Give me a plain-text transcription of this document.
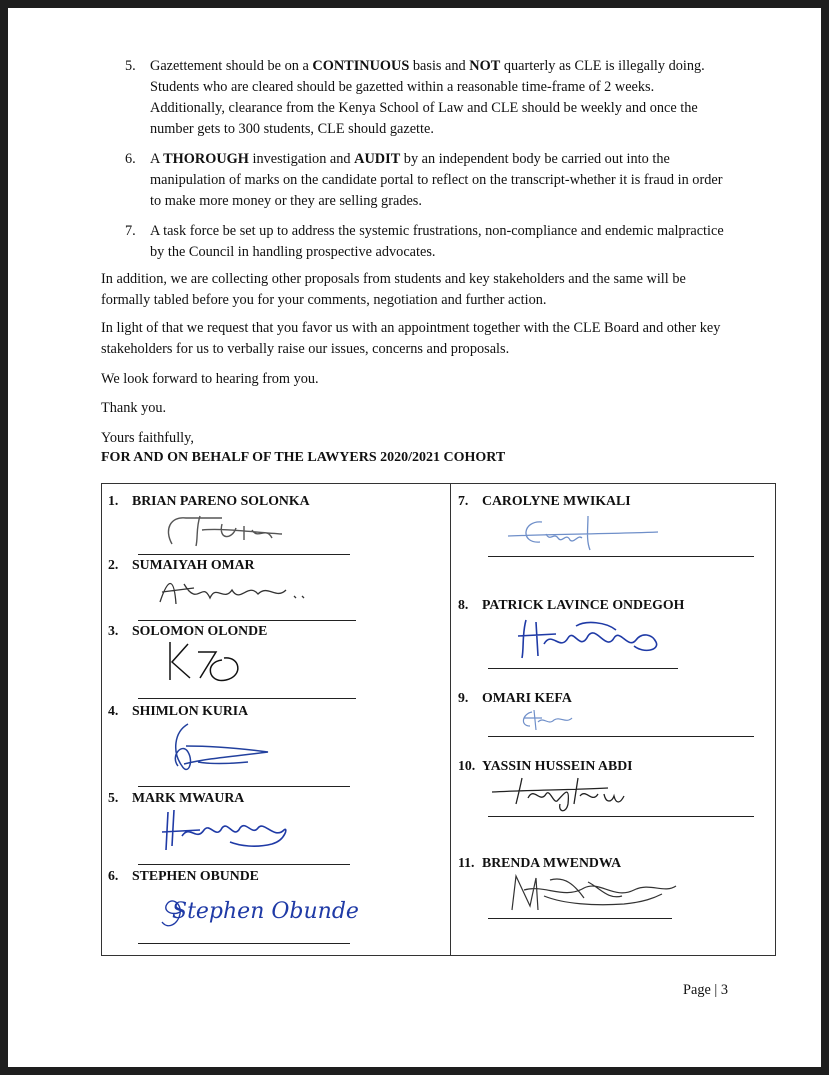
5. Gazettement should be on a CONTINUOUS basis and NOT quarterly as CLE is illegally doing. Students who are cleared should be gazetted within a reasonable time-frame of 2 weeks. Additionally, clearance from the Kenya School of Law and CLE should be weekly and once the number gets to 300 students, CLE should gazette.
6. A THOROUGH investigation and AUDIT by an independent body be carried out into the manipulation of marks on the candidate portal to reflect on the transcript-whether it is fraud in order to make more money or they are selling grades.
7. A task force be set up to address the systemic frustrations, non-compliance and endemic malpractice by the Council in handling prospective advocates.
In addition, we are collecting other proposals from students and key stakeholders and the same will be formally tabled before you for your comments, negotiation and further action.
In light of that we request that you favor us with an appointment together with the CLE Board and other key stakeholders for us to verbally raise our issues, concerns and proposals.
We look forward to hearing from you.
Thank you.
Yours faithfully,
FOR AND ON BEHALF OF THE LAWYERS 2020/2021 COHORT
1. BRIAN PARENO SOLONKA
2. SUMAIYAH OMAR
3. SOLOMON OLONDE
4. SHIMLON KURIA
5. MARK MWAURA
6. STEPHEN OBUNDE
Stephen Obunde
7. CAROLYNE MWIKALI
8. PATRICK LAVINCE ONDEGOH
9. OMARI KEFA
10. YASSIN HUSSEIN ABDI
11. BRENDA MWENDWA
Page | 3
